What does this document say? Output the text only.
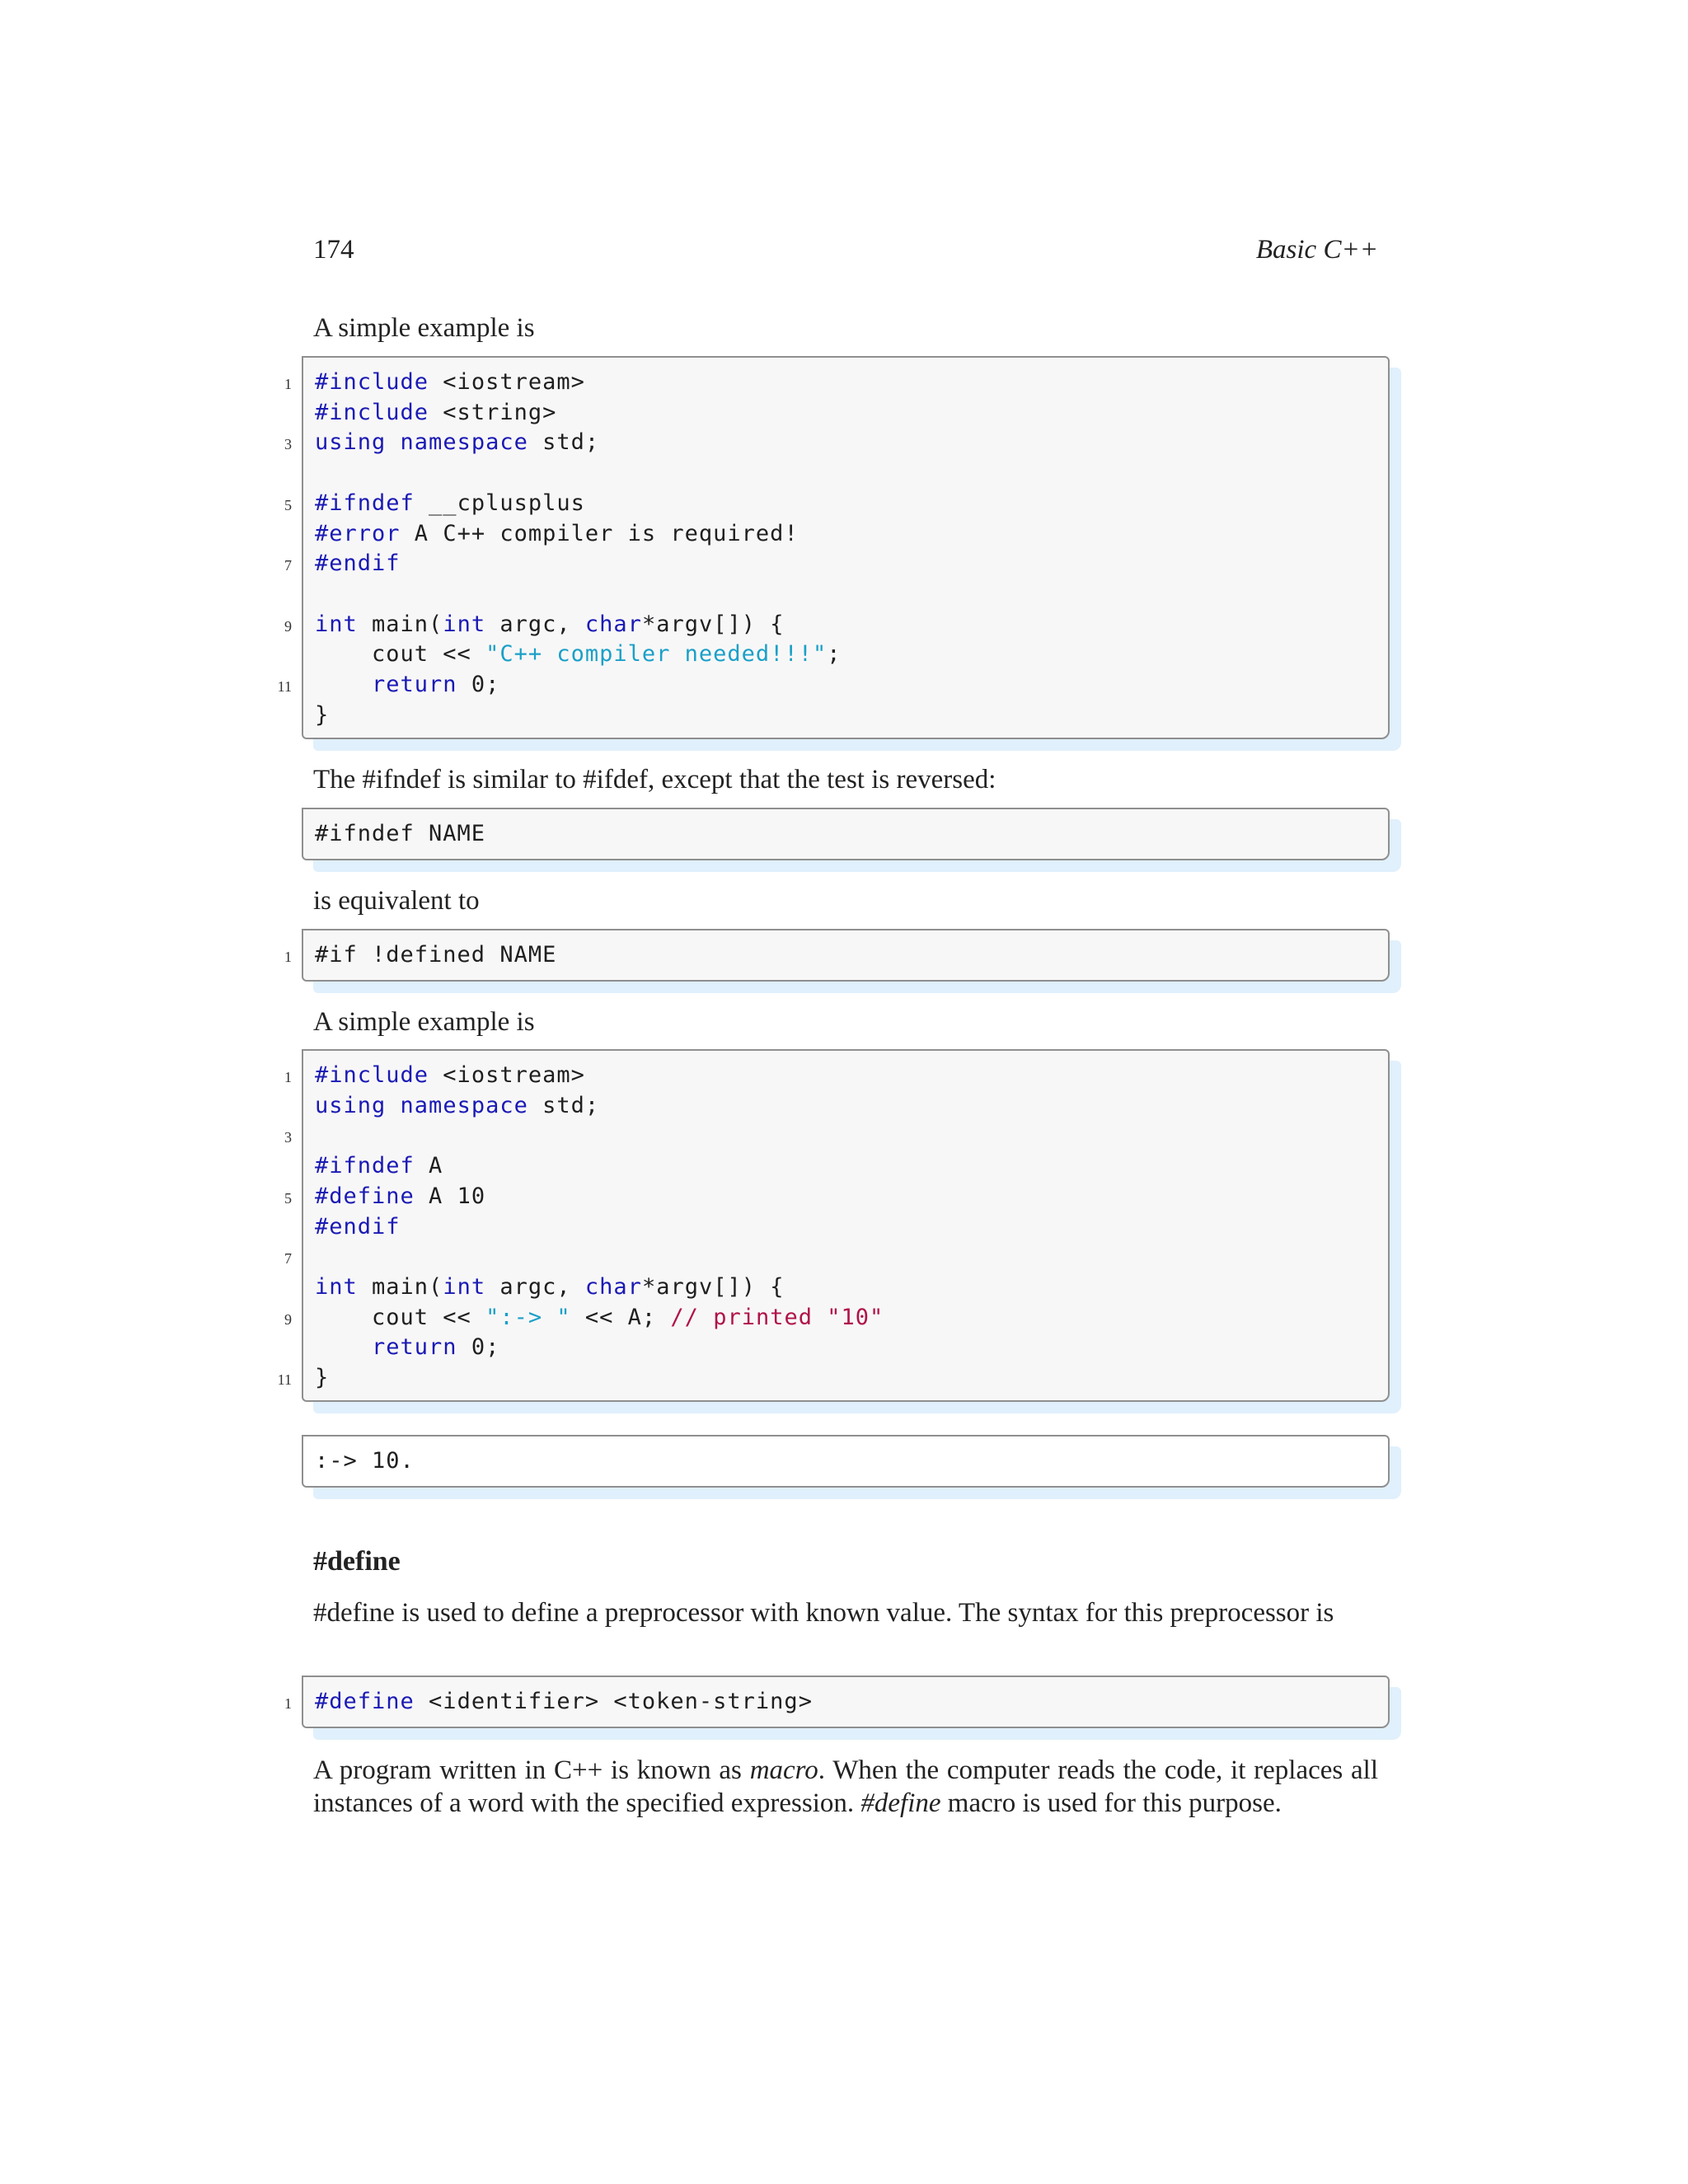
174	Basic C++
A simple example is
1
3
5
7
9
11
#include <iostream>
#include <string>
using namespace std;

#ifndef __cplusplus
#error A C++ compiler is required!
#endif

int main(int argc, char*argv[]) {
cout << "C++ compiler needed!!!";
return 0;
}
The #ifndef is similar to #ifdef, except that the test is reversed:
#ifndef NAME
is equivalent to
1	#if !defined NAME
A simple example is
1
3
5
7
9
11
#include <iostream>
using namespace std;

#ifndef A
#define A 10
#endif

int main(int argc, char*argv[]) {
cout << ":-> " << A; // printed "10"
return 0;
}
:-> 10.
#define
#define is used to define a preprocessor with known value. The syntax for this preprocessor is
1	#define <identifier> <token-string>
A program written in C++ is known as macro. When the computer reads the code, it replaces all instances of a word with the specified expression. #define macro is used for this purpose.
